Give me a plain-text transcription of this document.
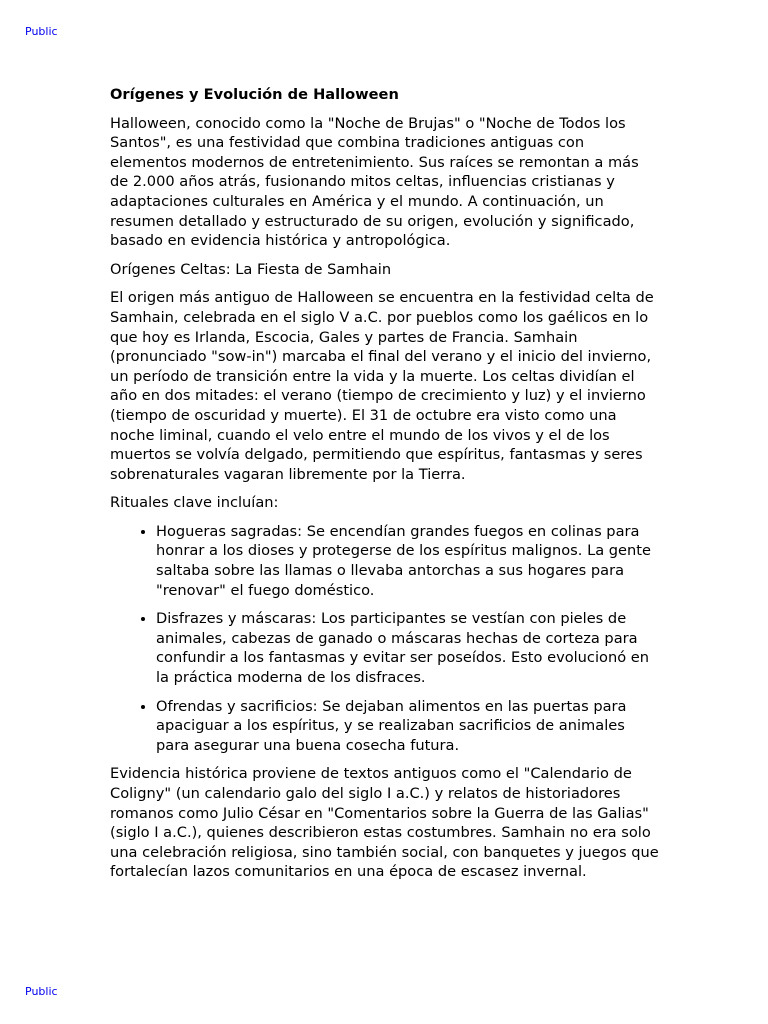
Public
Orígenes y Evolución de Halloween

Halloween, conocido como la "Noche de Brujas" o "Noche de Todos los Santos", es una festividad que combina tradiciones antiguas con elementos modernos de entretenimiento. Sus raíces se remontan a más de 2.000 años atrás, fusionando mitos celtas, influencias cristianas y adaptaciones culturales en América y el mundo. A continuación, un resumen detallado y estructurado de su origen, evolución y significado, basado en evidencia histórica y antropológica.

Orígenes Celtas: La Fiesta de Samhain

El origen más antiguo de Halloween se encuentra en la festividad celta de Samhain, celebrada en el siglo V a.C. por pueblos como los gaélicos en lo que hoy es Irlanda, Escocia, Gales y partes de Francia. Samhain (pronunciado "sow-in") marcaba el final del verano y el inicio del invierno, un período de transición entre la vida y la muerte. Los celtas dividían el año en dos mitades: el verano (tiempo de crecimiento y luz) y el invierno (tiempo de oscuridad y muerte). El 31 de octubre era visto como una noche liminal, cuando el velo entre el mundo de los vivos y el de los muertos se volvía delgado, permitiendo que espíritus, fantasmas y seres sobrenaturales vagaran libremente por la Tierra.

Rituales clave incluían:

• Hogueras sagradas: Se encendían grandes fuegos en colinas para honrar a los dioses y protegerse de los espíritus malignos. La gente saltaba sobre las llamas o llevaba antorchas a sus hogares para "renovar" el fuego doméstico.
• Disfrazes y máscaras: Los participantes se vestían con pieles de animales, cabezas de ganado o máscaras hechas de corteza para confundir a los fantasmas y evitar ser poseídos. Esto evolucionó en la práctica moderna de los disfraces.
• Ofrendas y sacrificios: Se dejaban alimentos en las puertas para apaciguar a los espíritus, y se realizaban sacrificios de animales para asegurar una buena cosecha futura.

Evidencia histórica proviene de textos antiguos como el "Calendario de Coligny" (un calendario galo del siglo I a.C.) y relatos de historiadores romanos como Julio César en "Comentarios sobre la Guerra de las Galias" (siglo I a.C.), quienes describieron estas costumbres. Samhain no era solo una celebración religiosa, sino también social, con banquetes y juegos que fortalecían lazos comunitarios en una época de escasez invernal.

Public
